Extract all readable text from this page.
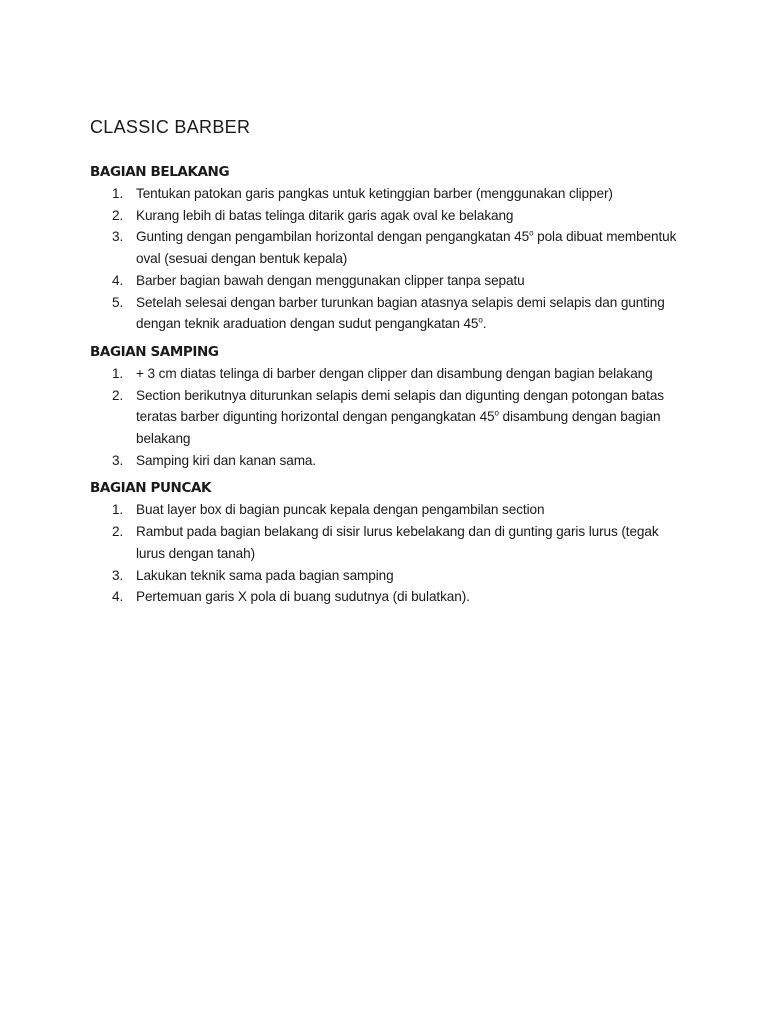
CLASSIC BARBER
BAGIAN BELAKANG
1. Tentukan patokan garis pangkas untuk ketinggian barber (menggunakan clipper)
2. Kurang lebih di batas telinga ditarik garis agak oval ke belakang
3. Gunting dengan pengambilan horizontal dengan pengangkatan 45$^o$ pola dibuat membentuk oval (sesuai dengan bentuk kepala)
4. Barber bagian bawah dengan menggunakan clipper tanpa sepatu
5. Setelah selesai dengan barber turunkan bagian atasnya selapis demi selapis dan gunting dengan teknik araduation dengan sudut pengangkatan 45$^o$.
BAGIAN SAMPING
1. + 3 cm diatas telinga di barber dengan clipper dan disambung dengan bagian belakang
2. Section berikutnya diturunkan selapis demi selapis dan digunting dengan potongan batas teratas barber digunting horizontal dengan pengangkatan 45$^o$ disambung dengan bagian belakang
3. Samping kiri dan kanan sama.
BAGIAN PUNCAK
1. Buat layer box di bagian puncak kepala dengan pengambilan section
2. Rambut pada bagian belakang di sisir lurus kebelakang dan di gunting garis lurus (tegak lurus dengan tanah)
3. Lakukan teknik sama pada bagian samping
4. Pertemuan garis X pola di buang sudutnya (di bulatkan).
